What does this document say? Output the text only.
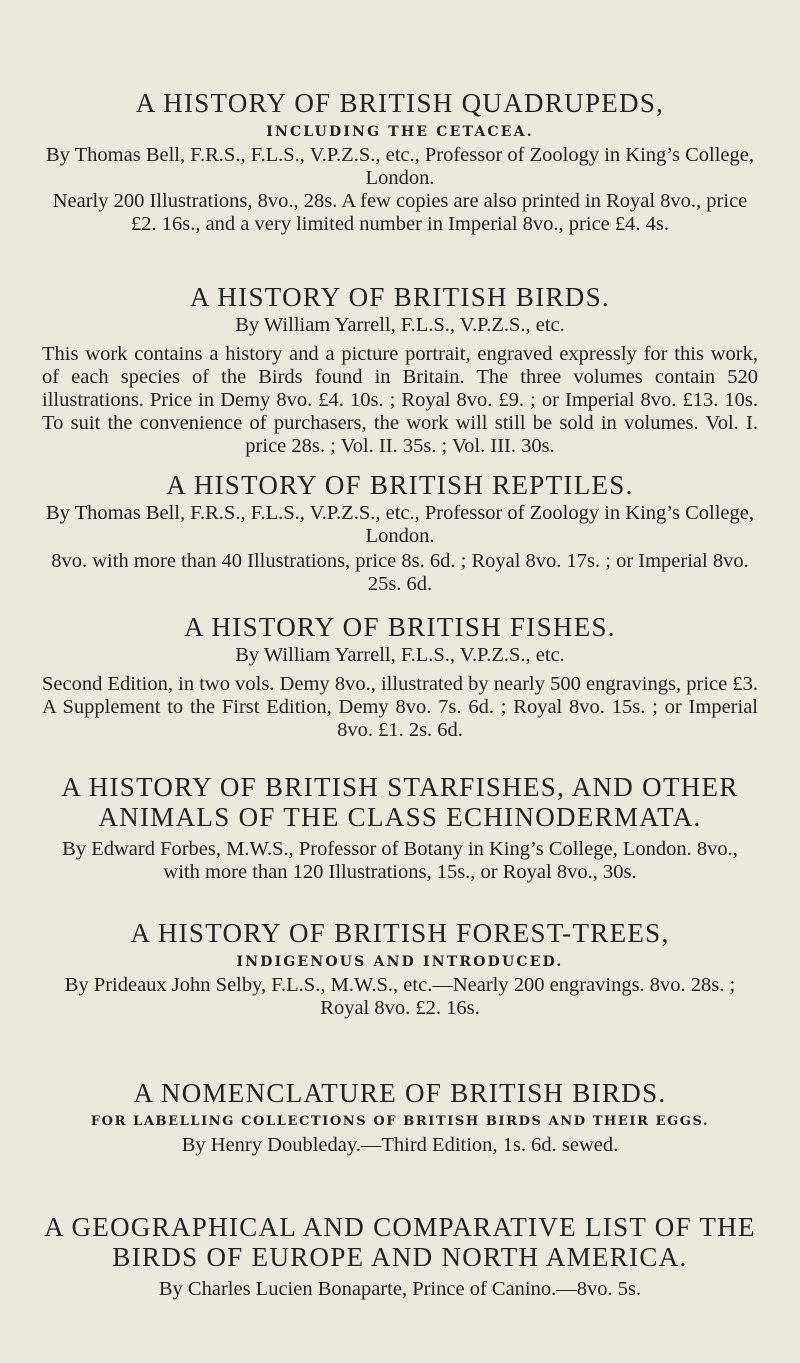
A HISTORY OF BRITISH QUADRUPEDS,
INCLUDING THE CETACEA.

By Thomas Bell, F.R.S., F.L.S., V.P.Z.S., etc., Professor of Zoology in King’s College, London.

Nearly 200 Illustrations, 8vo., 28s. A few copies are also printed in Royal 8vo., price £2. 16s., and a very limited number in Imperial 8vo., price £4. 4s.

A HISTORY OF BRITISH BIRDS.

By William Yarrell, F.L.S., V.P.Z.S., etc.

This work contains a history and a picture portrait, engraved expressly for this work, of each species of the Birds found in Britain. The three volumes contain 520 illustrations. Price in Demy 8vo. £4. 10s. ; Royal 8vo. £9. ; or Imperial 8vo. £13. 10s. To suit the convenience of purchasers, the work will still be sold in volumes. Vol. I. price 28s. ; Vol. II. 35s. ; Vol. III. 30s.

A HISTORY OF BRITISH REPTILES.

By Thomas Bell, F.R.S., F.L.S., V.P.Z.S., etc., Professor of Zoology in King’s College, London.

8vo. with more than 40 Illustrations, price 8s. 6d. ; Royal 8vo. 17s. ; or Imperial 8vo. 25s. 6d.

A HISTORY OF BRITISH FISHES.

By William Yarrell, F.L.S., V.P.Z.S., etc.

Second Edition, in two vols. Demy 8vo., illustrated by nearly 500 engravings, price £3. A Supplement to the First Edition, Demy 8vo. 7s. 6d. ; Royal 8vo. 15s. ; or Imperial 8vo. £1. 2s. 6d.

A HISTORY OF BRITISH STARFISHES, AND OTHER ANIMALS OF THE CLASS ECHINODERMATA.

By Edward Forbes, M.W.S., Professor of Botany in King’s College, London. 8vo., with more than 120 Illustrations, 15s., or Royal 8vo., 30s.

A HISTORY OF BRITISH FOREST-TREES,
INDIGENOUS AND INTRODUCED.

By Prideaux John Selby, F.L.S., M.W.S., etc.—Nearly 200 engravings. 8vo. 28s. ; Royal 8vo. £2. 16s.

A NOMENCLATURE OF BRITISH BIRDS.
FOR LABELLING COLLECTIONS OF BRITISH BIRDS AND THEIR EGGS.

By Henry Doubleday.—Third Edition, 1s. 6d. sewed.

A GEOGRAPHICAL AND COMPARATIVE LIST OF THE BIRDS OF EUROPE AND NORTH AMERICA.

By Charles Lucien Bonaparte, Prince of Canino.—8vo. 5s.
